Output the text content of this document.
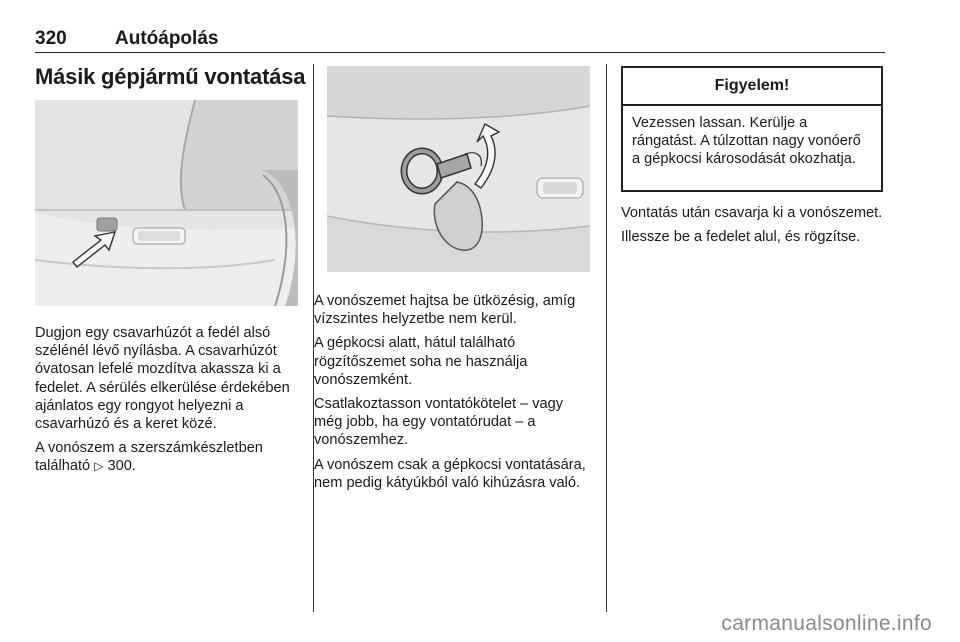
320	Autóápolás
Másik gépjármű vontatása

Dugjon egy csavarhúzót a fedél alsó szélénél lévő nyílásba. A csavarhúzót óvatosan lefelé mozdítva akassza ki a fedelet. A sérülés elkerülése érdekében ajánlatos egy rongyot helyezni a csavarhúzó és a keret közé.

A vonószem a szerszámkészletben található ▷ 300.

A vonószemet hajtsa be ütközésig, amíg vízszintes helyzetbe nem kerül.

A gépkocsi alatt, hátul található rögzítőszemet soha ne használja vonószemként.

Csatlakoztasson vontatókötelet – vagy még jobb, ha egy vontatórudat – a vonószemhez.

A vonószem csak a gépkocsi vontatására, nem pedig kátyúkból való kihúzásra való.

Figyelem!
Vezessen lassan. Kerülje a rángatást. A túlzottan nagy vonóerő a gépkocsi károsodását okozhatja.

Vontatás után csavarja ki a vonószemet.

Illessze be a fedelet alul, és rögzítse.

carmanualsonline.info
